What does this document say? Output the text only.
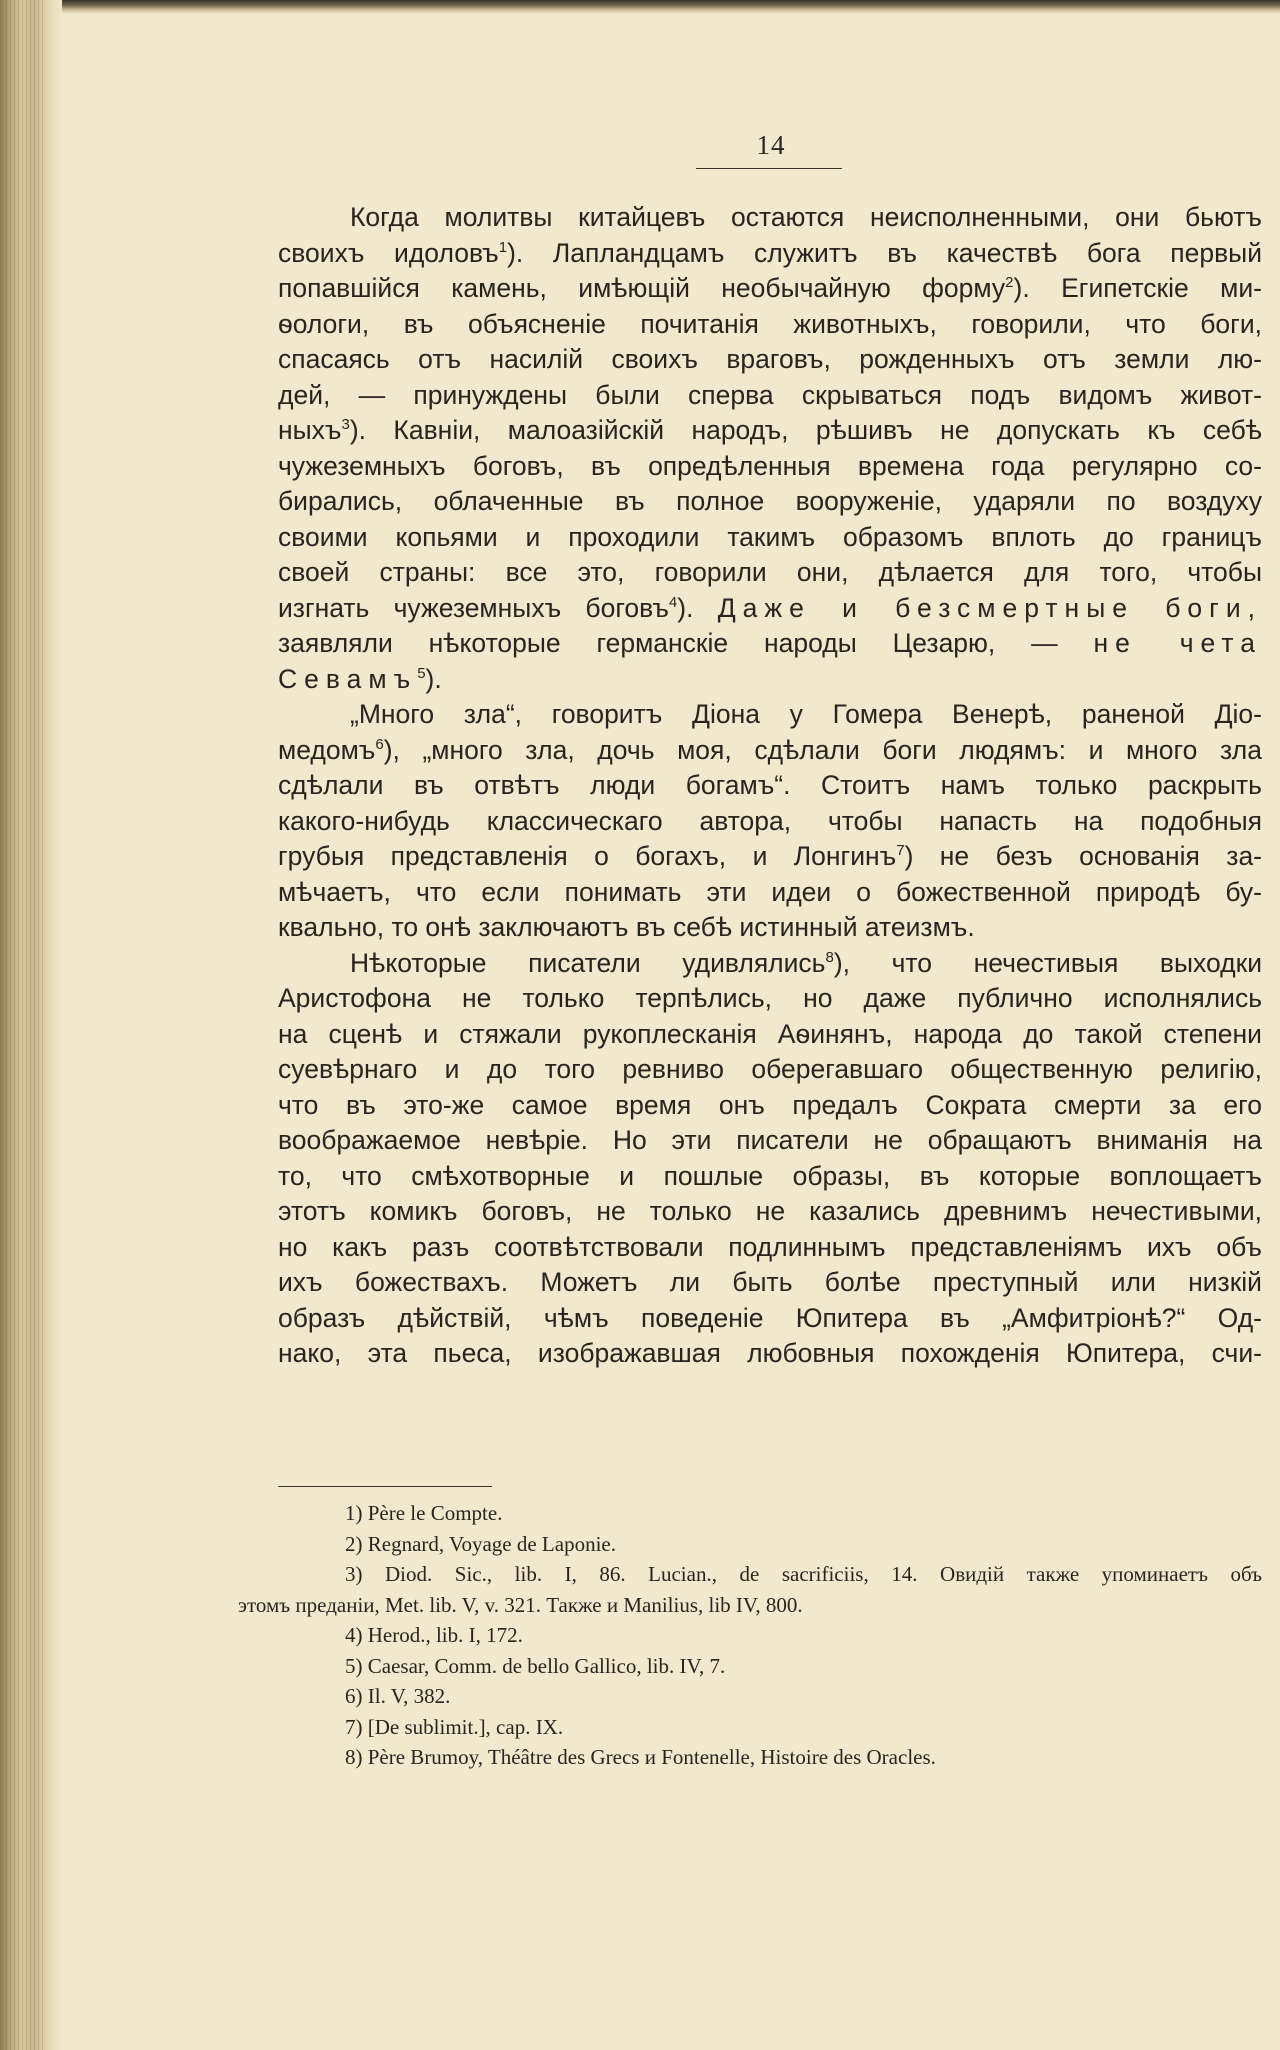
14
Когда молитвы китайцевъ остаются неисполненными, они бьютъ
своихъ идоловъ$^1$). Лапландцамъ служитъ въ качествѣ бога первый
попавшійся камень, имѣющій необычайную форму$^2$). Египетскіе ми-
ѳологи, въ объясненіе почитанія животныхъ, говорили, что боги,
спасаясь отъ насилій своихъ враговъ, рожденныхъ отъ земли лю-
дей, — принуждены были сперва скрываться подъ видомъ живот-
ныхъ$^3$). Кавніи, малоазійскій народъ, рѣшивъ не допускать къ себѣ
чужеземныхъ боговъ, въ опредѣленныя времена года регулярно со-
бирались, облаченные въ полное вооруженіе, ударяли по воздуху
своими копьями и проходили такимъ образомъ вплоть до границъ
своей страны: все это, говорили они, дѣлается для того, чтобы
изгнать чужеземныхъ боговъ$^4$). Даже и безсмертные боги,
заявляли нѣкоторые германскіе народы Цезарю, — не чета
Севамъ$^5$).
„Много зла“, говоритъ Діона у Гомера Венерѣ, раненой Діо-
медомъ$^6$), „много зла, дочь моя, сдѣлали боги людямъ: и много зла
сдѣлали въ отвѣтъ люди богамъ“. Стоитъ намъ только раскрыть
какого-нибудь классическаго автора, чтобы напасть на подобныя
грубыя представленія о богахъ, и Лонгинъ$^7$) не безъ основанія за-
мѣчаетъ, что если понимать эти идеи о божественной природѣ бу-
квально, то онѣ заключаютъ въ себѣ истинный атеизмъ.
Нѣкоторые писатели удивлялись$^8$), что нечестивыя выходки
Аристофона не только терпѣлись, но даже публично исполнялись
на сценѣ и стяжали рукоплесканія Аѳинянъ, народа до такой степени
суевѣрнаго и до того ревниво оберегавшаго общественную религію,
что въ это-же самое время онъ предалъ Сократа смерти за его
воображаемое невѣріе. Но эти писатели не обращаютъ вниманія на
то, что смѣхотворные и пошлые образы, въ которые воплощаетъ
этотъ комикъ боговъ, не только не казались древнимъ нечестивыми,
но какъ разъ соотвѣтствовали подлиннымъ представленіямъ ихъ объ
ихъ божествахъ. Можетъ ли быть болѣе преступный или низкій
образъ дѣйствій, чѣмъ поведеніе Юпитера въ „Амфитріонѣ?“ Од-
нако, эта пьеса, изображавшая любовныя похожденія Юпитера, счи-
1) Père le Compte.
2) Regnard, Voyage de Laponie.
3) Diod. Sic., lib. I, 86. Lucian., de sacrificiis, 14. Овидій также упоминаетъ объ
этомъ преданіи, Met. lib. V, v. 321. Также и Manilius, lib IV, 800.
4) Herod., lib. I, 172.
5) Caesar, Comm. de bello Gallico, lib. IV, 7.
6) Il. V, 382.
7) [De sublimit.], cap. IX.
8) Père Brumoy, Théâtre des Grecs и Fontenelle, Histoire des Oracles.
